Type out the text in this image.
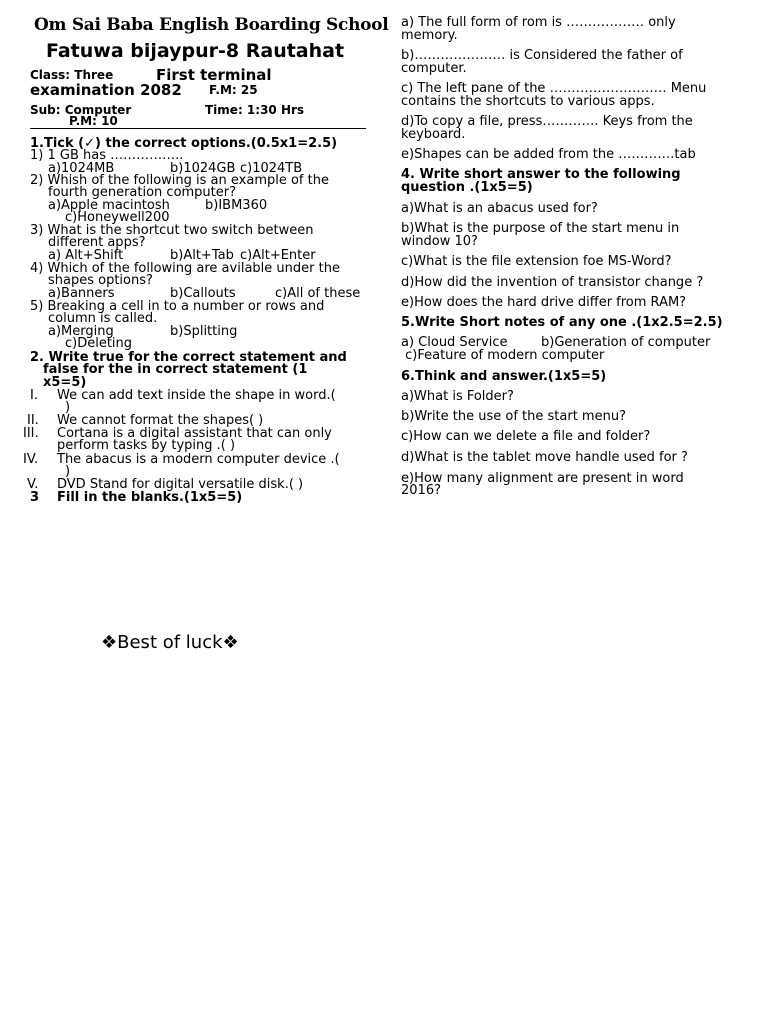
Om Sai Baba English Boarding School
Fatuwa bijaypur-8 Rautahat
Class: Three	First terminal
examination 2082 F.M: 25
Sub: Computer	Time: 1:30 Hrs
P.M: 10
1.Tick (✓) the correct options.(0.5x1=2.5)
1) 1 GB has ……………..
a)1024MB	b)1024GB c)1024TB
2) Whish of the following is an example of the
fourth generation computer?
a)Apple macintosh	b)IBM360
c)Honeywell200
3) What is the shortcut two switch between
different apps?
a) Alt+Shift	b)Alt+Tab c)Alt+Enter
4) Which of the following are avilable under the
shapes options?
a)Banners	b)Callouts	c)All of these
5) Breaking a cell in to a number or rows and
column is called.
a)Merging	b)Splitting
c)Deleting
2. Write true for the correct statement and
false for the in correct statement (1
x5=5)
I. We can add text inside the shape in word.(
)
II. We cannot format the shapes( )
III. Cortana is a digital assistant that can only
perform tasks by typing .( )
IV. The abacus is a modern computer device .(
)
V. DVD Stand for digital versatile disk.( )
3 Fill in the blanks.(1x5=5)
❖Best of luck❖
a) The full form of rom is ……………… only
memory.
b)………………… is Considered the father of
computer.
c) The left pane of the ……………………… Menu
contains the shortcuts to various apps.
d)To copy a file, press…………. Keys from the
keyboard.
e)Shapes can be added from the ………….tab
4. Write short answer to the following
question .(1x5=5)
a)What is an abacus used for?
b)What is the purpose of the start menu in
window 10?
c)What is the file extension foe MS-Word?
d)How did the invention of transistor change ?
e)How does the hard drive differ from RAM?
5.Write Short notes of any one .(1x2.5=2.5)
a) Cloud Service	b)Generation of computer
c)Feature of modern computer
6.Think and answer.(1x5=5)
a)What is Folder?
b)Write the use of the start menu?
c)How can we delete a file and folder?
d)What is the tablet move handle used for ?
e)How many alignment are present in word
2016?
